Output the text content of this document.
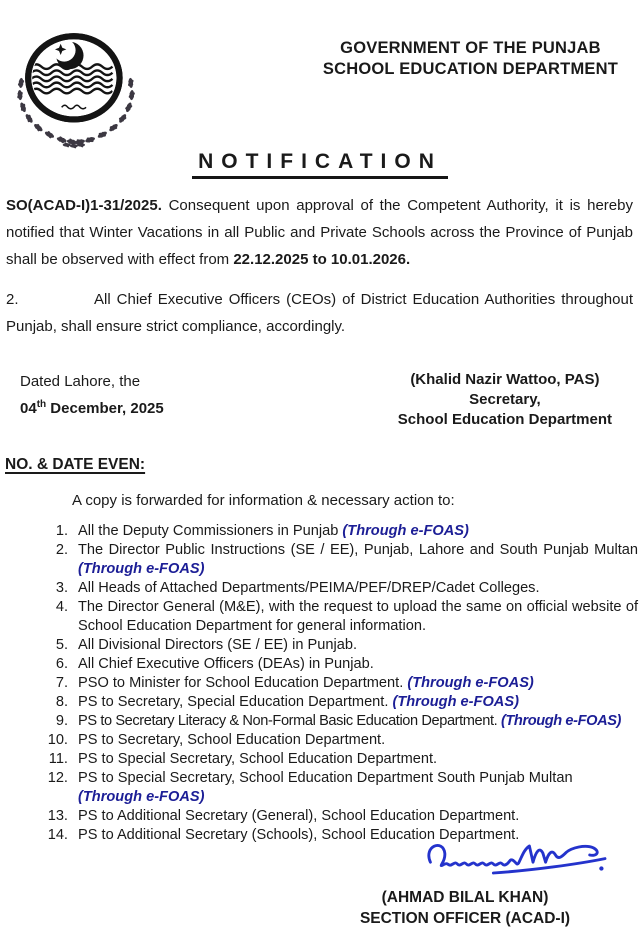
GOVERNMENT OF THE PUNJAB
SCHOOL EDUCATION DEPARTMENT
NOTIFICATION

SO(ACAD-I)1-31/2025. Consequent upon approval of the Competent Authority, it is hereby notified that Winter Vacations in all Public and Private Schools across the Province of Punjab shall be observed with effect from 22.12.2025 to 10.01.2026.

2.	All Chief Executive Officers (CEOs) of District Education Authorities throughout Punjab, shall ensure strict compliance, accordingly.

Dated Lahore, the
04th December, 2025
(Khalid Nazir Wattoo, PAS)
Secretary,
School Education Department
NO. & DATE EVEN:
A copy is forwarded for information & necessary action to:
1. All the Deputy Commissioners in Punjab (Through e-FOAS)
2. The Director Public Instructions (SE / EE), Punjab, Lahore and South Punjab Multan (Through e-FOAS)
3. All Heads of Attached Departments/PEIMA/PEF/DREP/Cadet Colleges.
4. The Director General (M&E), with the request to upload the same on official website of School Education Department for general information.
5. All Divisional Directors (SE / EE) in Punjab.
6. All Chief Executive Officers (DEAs) in Punjab.
7. PSO to Minister for School Education Department. (Through e-FOAS)
8. PS to Secretary, Special Education Department. (Through e-FOAS)
9. PS to Secretary Literacy & Non-Formal Basic Education Department. (Through e-FOAS)
10. PS to Secretary, School Education Department.
11. PS to Special Secretary, School Education Department.
12. PS to Special Secretary, School Education Department South Punjab Multan
(Through e-FOAS)
13. PS to Additional Secretary (General), School Education Department.
14. PS to Additional Secretary (Schools), School Education Department.
(AHMAD BILAL KHAN)
SECTION OFFICER (ACAD-I)
